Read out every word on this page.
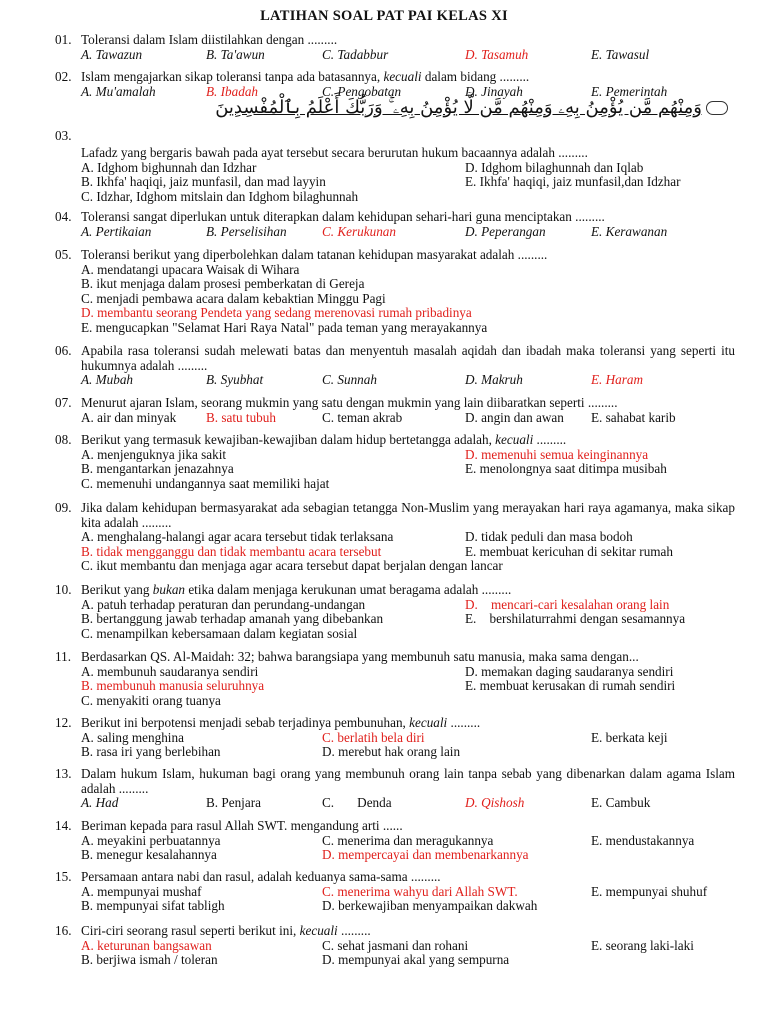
LATIHAN SOAL PAT PAI KELAS XI
01. Toleransi dalam Islam diistilahkan dengan .........
A. Tawazun	B. Ta'awun	C. Tadabbur	D. Tasamuh	E. Tawasul
02. Islam mengajarkan sikap toleransi tanpa ada batasannya, kecuali dalam bidang .........
A. Mu'amalah	B. Ibadah	C. Pengobatan	D. Jinayah	E. Pemerintah
وَمِنْهُم مَّن يُؤْمِنُ بِهِۦ وَمِنْهُم مَّن لَّا يُؤْمِنُ بِهِۦ ۚ وَرَبُّكَ أَعْلَمُ بِٱلْمُفْسِدِينَ
03.
Lafadz yang bergaris bawah pada ayat tersebut secara berurutan hukum bacaannya adalah .........
A. Idghom bighunnah dan Idzhar	D. Idghom bilaghunnah dan Iqlab
B. Ikhfa' haqiqi, jaiz munfasil, dan mad layyin	E. Ikhfa' haqiqi, jaiz munfasil,dan Idzhar
C. Idzhar, Idghom mitslain dan Idghom bilaghunnah
04. Toleransi sangat diperlukan untuk diterapkan dalam kehidupan sehari-hari guna menciptakan .........
A. Pertikaian	B. Perselisihan	C. Kerukunan	D. Peperangan	E. Kerawanan
05. Toleransi berikut yang diperbolehkan dalam tatanan kehidupan masyarakat adalah .........
A. mendatangi upacara Waisak di Wihara
B. ikut menjaga dalam prosesi pemberkatan di Gereja
C. menjadi pembawa acara dalam kebaktian Minggu Pagi
D. membantu seorang Pendeta yang sedang merenovasi rumah pribadinya
E. mengucapkan "Selamat Hari Raya Natal" pada teman yang merayakannya
06. Apabila rasa toleransi sudah melewati batas dan menyentuh masalah aqidah dan ibadah maka toleransi yang seperti itu hukumnya adalah .........
A. Mubah	B. Syubhat	C. Sunnah	D. Makruh	E. Haram
07. Menurut ajaran Islam, seorang mukmin yang satu dengan mukmin yang lain diibaratkan seperti .........
A. air dan minyak B. satu tubuh	C. teman akrab	D. angin dan awan E. sahabat karib
08. Berikut yang termasuk kewajiban-kewajiban dalam hidup bertetangga adalah, kecuali .........
A. menjenguknya jika sakit	D. memenuhi semua keinginannya
B. mengantarkan jenazahnya	E. menolongnya saat ditimpa musibah
C. memenuhi undangannya saat memiliki hajat
09. Jika dalam kehidupan bermasyarakat ada sebagian tetangga Non-Muslim yang merayakan hari raya agamanya, maka sikap kita adalah .........
A. menghalang-halangi agar acara tersebut tidak terlaksana	D. tidak peduli dan masa bodoh
B. tidak mengganggu dan tidak membantu acara tersebut	E. membuat kericuhan di sekitar rumah
C. ikut membantu dan menjaga agar acara tersebut dapat berjalan dengan lancar
10. Berikut yang bukan etika dalam menjaga kerukunan umat beragama adalah .........
A. patuh terhadap peraturan dan perundang-undangan	D.    mencari-cari kesalahan orang lain
B. bertanggung jawab terhadap amanah yang dibebankan	E.    bershilaturrahmi dengan sesamannya
C. menampilkan kebersamaan dalam kegiatan sosial
11. Berdasarkan QS. Al-Maidah: 32; bahwa barangsiapa yang membunuh satu manusia, maka sama dengan...
A. membunuh saudaranya sendiri	D. memakan daging saudaranya sendiri
B. membunuh manusia seluruhnya	E. membuat kerusakan di rumah sendiri
C. menyakiti orang tuanya
12. Berikut ini berpotensi menjadi sebab terjadinya pembunuhan, kecuali .........
A. saling menghina	C. berlatih bela diri	E. berkata keji
B. rasa iri yang berlebihan	D. merebut hak orang lain
13. Dalam hukum Islam, hukuman bagi orang yang membunuh orang lain tanpa sebab yang dibenarkan dalam agama Islam adalah .........
A. Had	B. Penjara	C.       Denda	D. Qishosh	E. Cambuk
14. Beriman kepada para rasul Allah SWT. mengandung arti ......
A. meyakini perbuatannya	C. menerima dan meragukannya	E. mendustakannya
B. menegur kesalahannya	D. mempercayai dan membenarkannya
15. Persamaan antara nabi dan rasul, adalah keduanya sama-sama .........
A. mempunyai mushaf	C. menerima wahyu dari Allah SWT.	E. mempunyai shuhuf
B. mempunyai sifat tabligh	D. berkewajiban menyampaikan dakwah
16. Ciri-ciri seorang rasul seperti berikut ini, kecuali .........
A. keturunan bangsawan	C. sehat jasmani dan rohani	E. seorang laki-laki
B. berjiwa ismah / toleran	D. mempunyai akal yang sempurna
